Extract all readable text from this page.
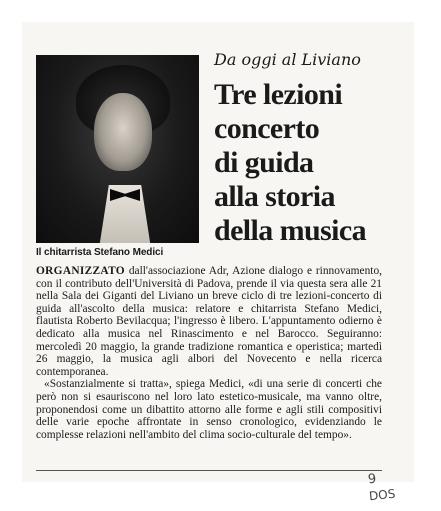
Il chitarrista Stefano Medici
Da oggi al Liviano
Tre lezioni
concerto
di guida
alla storia
della musica

ORGANIZZATO dall'associazione Adr, Azione dialogo e rinnovamento, con il contributo dell'Università di Padova, prende il via questa sera alle 21 nella Sala dei Giganti del Liviano un breve ciclo di tre lezioni-concerto di guida all'ascolto della musica: relatore e chitarrista Stefano Medici, flautista Roberto Bevilacqua; l'ingresso è libero. L'appuntamento odierno è dedicato alla musica nel Rinascimento e nel Barocco. Seguiranno: mercoledì 20 maggio, la grande tradizione romantica e operistica; martedì 26 maggio, la musica agli albori del Novecento e nella ricerca contemporanea.

«Sostanzialmente si tratta», spiega Medici, «di una serie di concerti che però non si esauriscono nel loro lato estetico-musicale, ma vanno oltre, proponendosi come un dibattito attorno alle forme e agli stili compositivi delle varie epoche affrontate in senso cronologico, evidenziando le complesse relazioni nell'ambito del clima socio-culturale del tempo».

9
DOS
